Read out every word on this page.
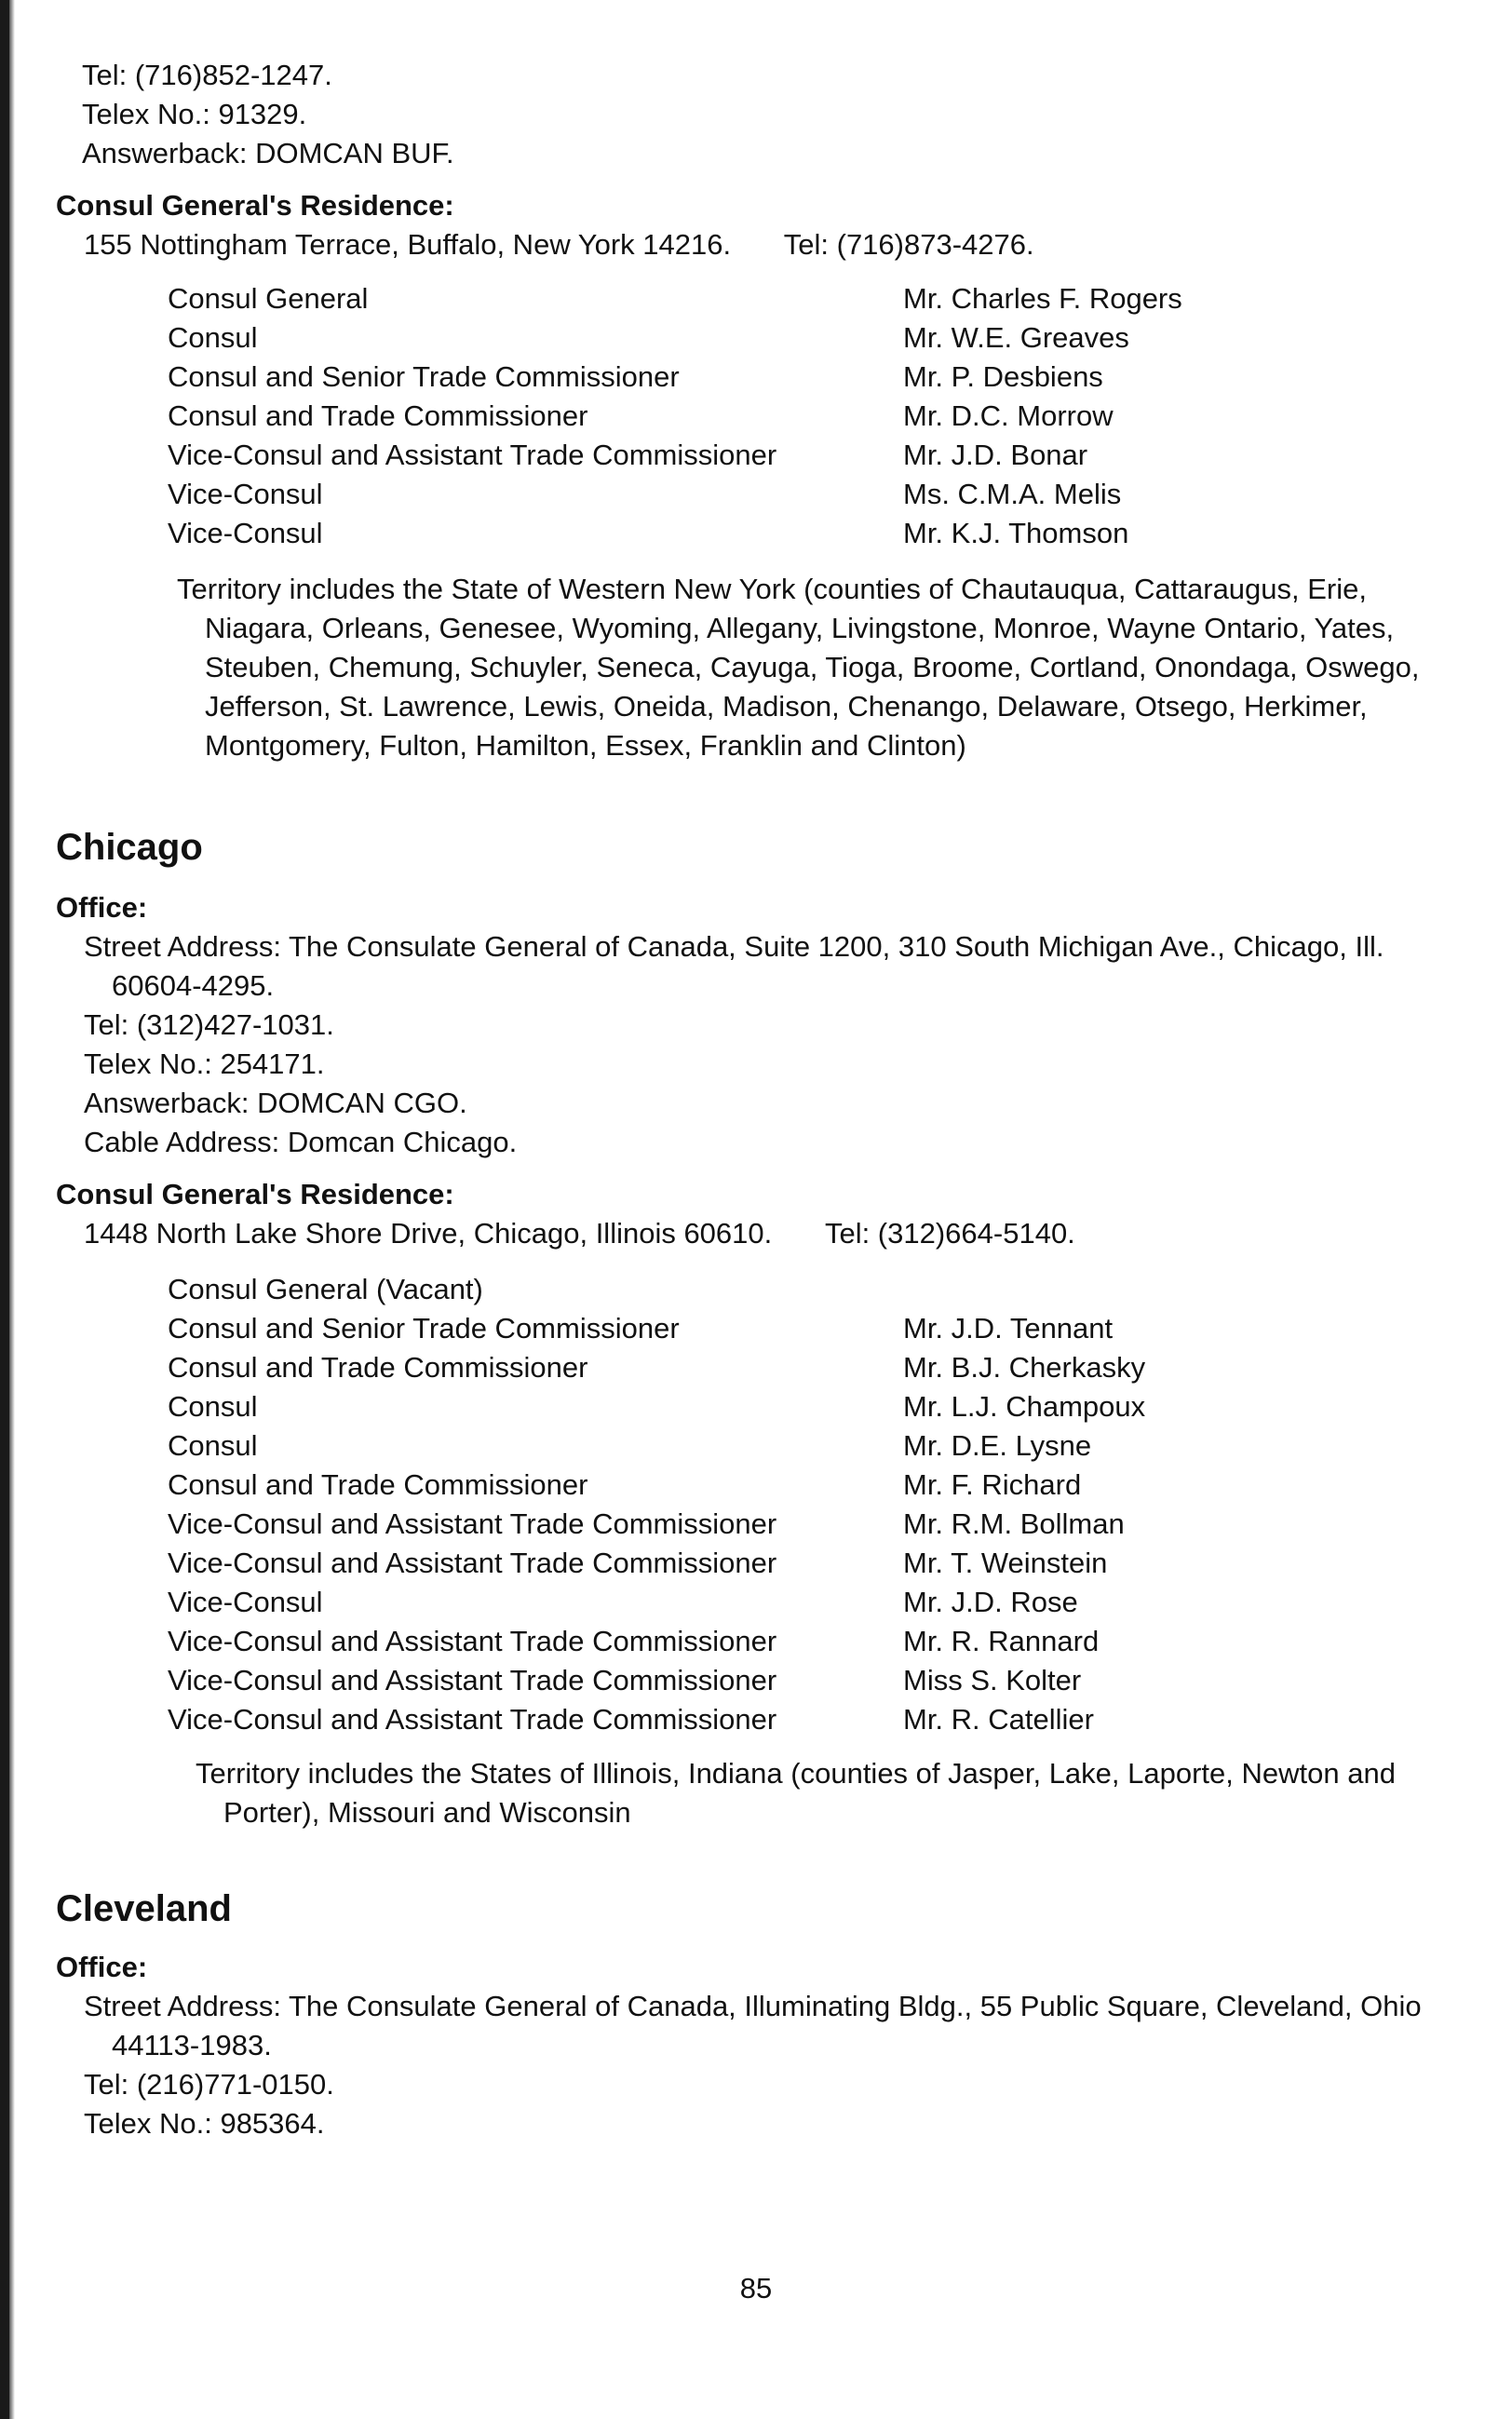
Tel: (716)852-1247.
Telex No.: 91329.
Answerback: DOMCAN BUF.
Consul General's Residence:
155 Nottingham Terrace, Buffalo, New York 14216. Tel: (716)873-4276.
Consul General	Mr. Charles F. Rogers
Consul	Mr. W.E. Greaves
Consul and Senior Trade Commissioner	Mr. P. Desbiens
Consul and Trade Commissioner	Mr. D.C. Morrow
Vice-Consul and Assistant Trade Commissioner	Mr. J.D. Bonar
Vice-Consul	Ms. C.M.A. Melis
Vice-Consul	Mr. K.J. Thomson
Territory includes the State of Western New York (counties of Chautauqua, Cattaraugus, Erie, Niagara, Orleans, Genesee, Wyoming, Allegany, Livingstone, Monroe, Wayne Ontario, Yates, Steuben, Chemung, Schuyler, Seneca, Cayuga, Tioga, Broome, Cortland, Onondaga, Oswego, Jefferson, St. Lawrence, Lewis, Oneida, Madison, Chenango, Delaware, Otsego, Herkimer, Montgomery, Fulton, Hamilton, Essex, Franklin and Clinton)
Chicago
Office:
Street Address: The Consulate General of Canada, Suite 1200, 310 South Michigan Ave., Chicago, Ill. 60604-4295.
Tel: (312)427-1031.
Telex No.: 254171.
Answerback: DOMCAN CGO.
Cable Address: Domcan Chicago.
Consul General's Residence:
1448 North Lake Shore Drive, Chicago, Illinois 60610. Tel: (312)664-5140.
Consul General (Vacant)
Consul and Senior Trade Commissioner	Mr. J.D. Tennant
Consul and Trade Commissioner	Mr. B.J. Cherkasky
Consul	Mr. L.J. Champoux
Consul	Mr. D.E. Lysne
Consul and Trade Commissioner	Mr. F. Richard
Vice-Consul and Assistant Trade Commissioner	Mr. R.M. Bollman
Vice-Consul and Assistant Trade Commissioner	Mr. T. Weinstein
Vice-Consul	Mr. J.D. Rose
Vice-Consul and Assistant Trade Commissioner	Mr. R. Rannard
Vice-Consul and Assistant Trade Commissioner	Miss S. Kolter
Vice-Consul and Assistant Trade Commissioner	Mr. R. Catellier
Territory includes the States of Illinois, Indiana (counties of Jasper, Lake, Laporte, Newton and Porter), Missouri and Wisconsin
Cleveland
Office:
Street Address: The Consulate General of Canada, Illuminating Bldg., 55 Public Square, Cleveland, Ohio 44113-1983.
Tel: (216)771-0150.
Telex No.: 985364.
85
